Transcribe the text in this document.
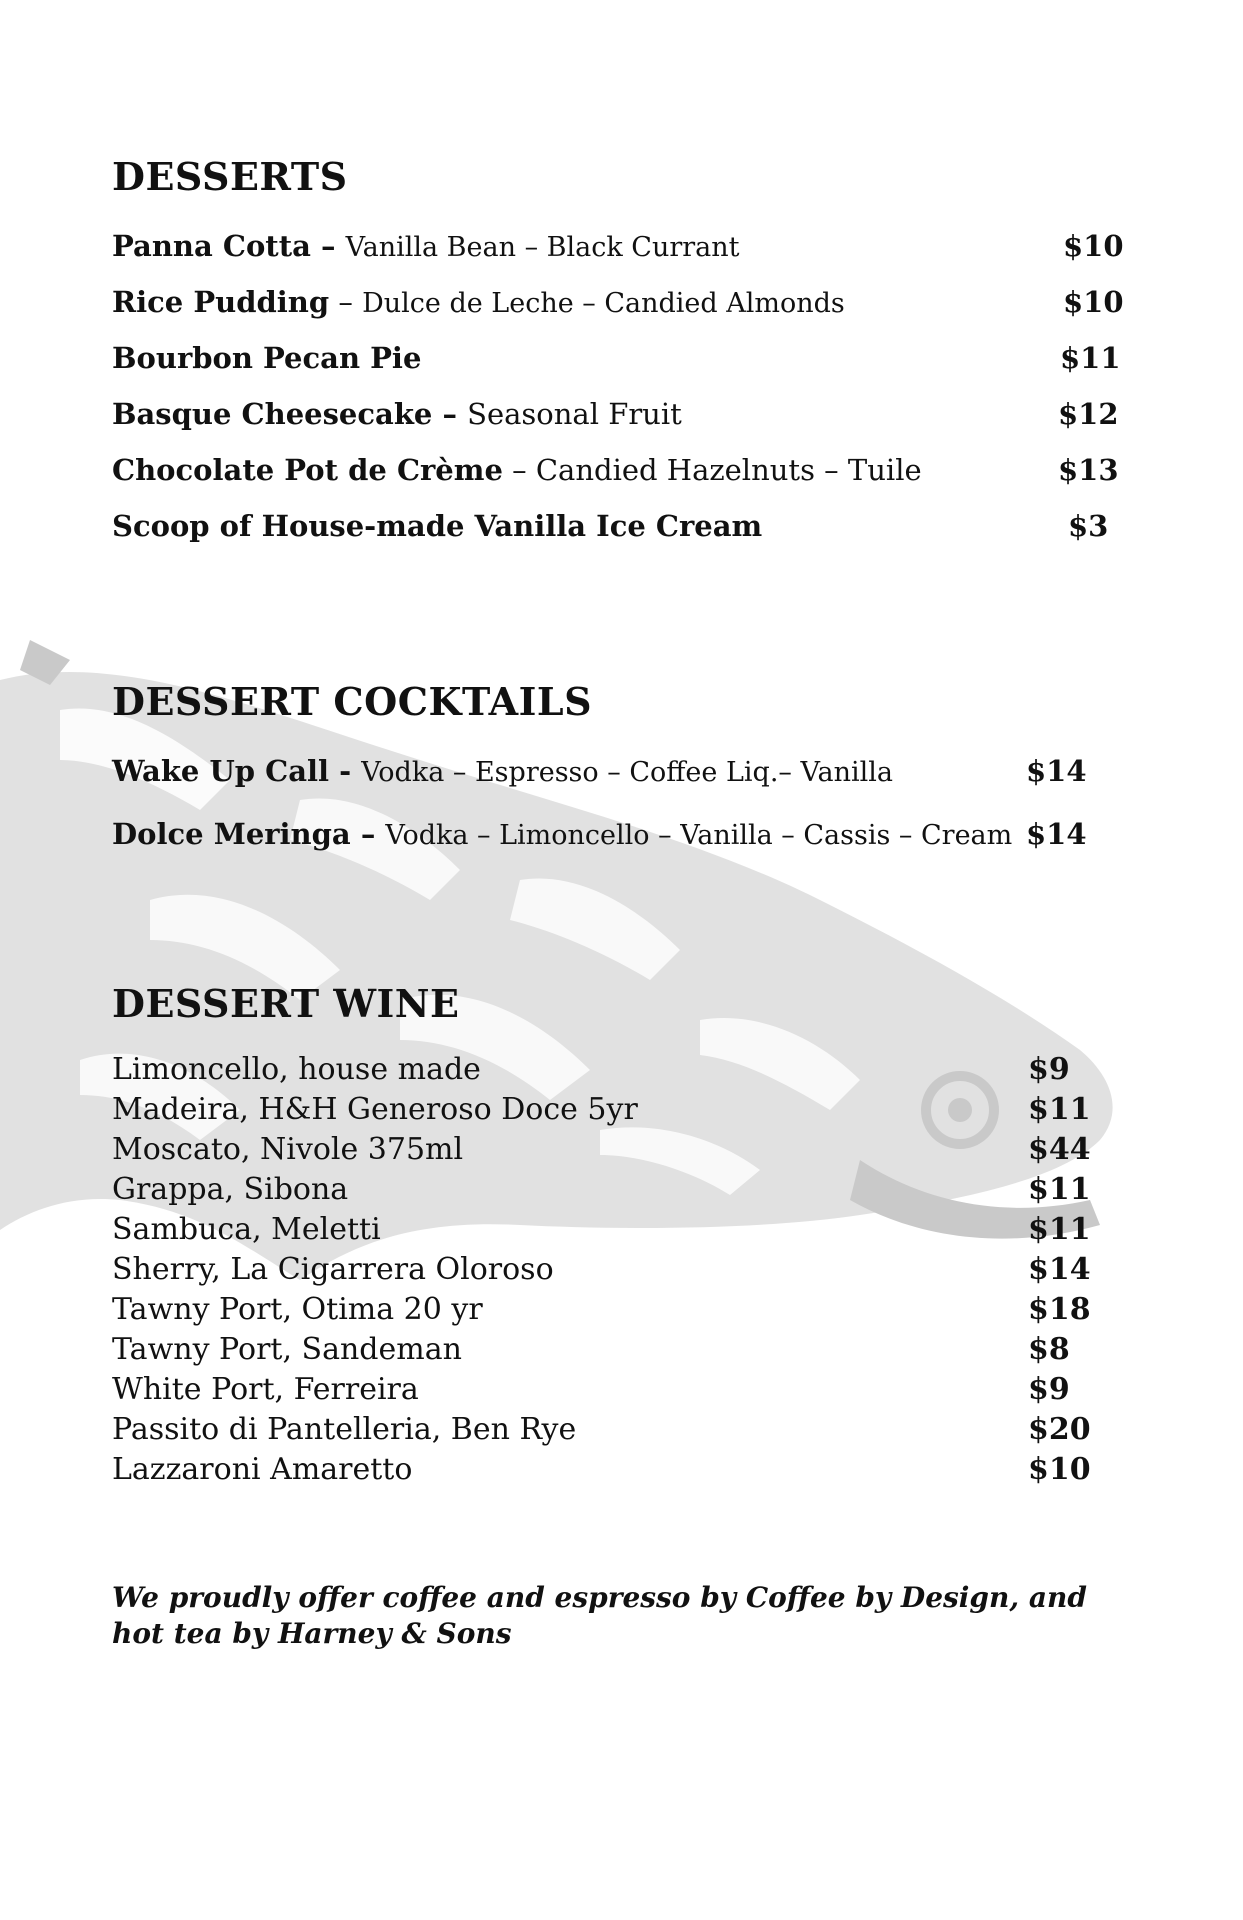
DESSERTS
Panna Cotta – Vanilla Bean – Black Currant	$10
Rice Pudding – Dulce de Leche – Candied Almonds	$10
Bourbon Pecan Pie	$11
Basque Cheesecake – Seasonal Fruit	$12
Chocolate Pot de Crème – Candied Hazelnuts – Tuile	$13
Scoop of House-made Vanilla Ice Cream	$3
DESSERT COCKTAILS
Wake Up Call - Vodka – Espresso – Coffee Liq.– Vanilla	$14
Dolce Meringa – Vodka – Limoncello – Vanilla – Cassis – Cream $14
DESSERT WINE
Limoncello, house made	$9
Madeira, H&H Generoso Doce 5yr	$11
Moscato, Nivole 375ml	$44
Grappa, Sibona	$11
Sambuca, Meletti	$11
Sherry, La Cigarrera Oloroso	$14
Tawny Port, Otima 20 yr	$18
Tawny Port, Sandeman	$8
White Port, Ferreira	$9
Passito di Pantelleria, Ben Rye	$20
Lazzaroni Amaretto	$10

We proudly offer coffee and espresso by Coffee by Design, and hot tea by Harney & Sons
